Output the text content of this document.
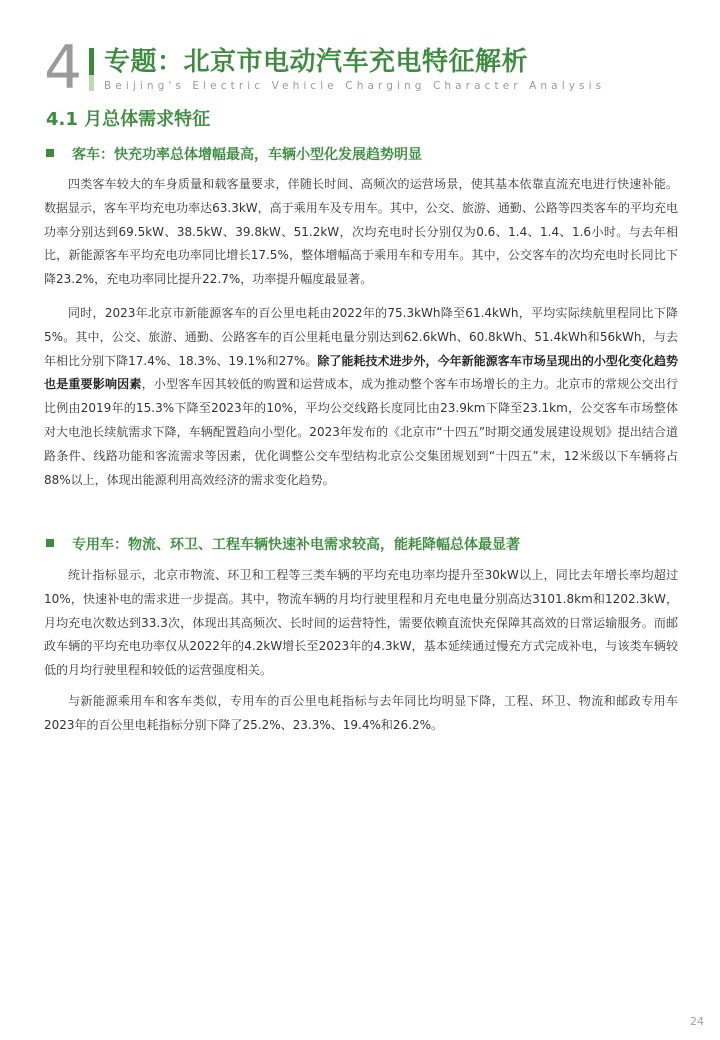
4 专题：北京市电动汽车充电特征解析
Beijing's Electric Vehicle Charging Character Analysis
4.1 月总体需求特征
客车：快充功率总体增幅最高，车辆小型化发展趋势明显

四类客车较大的车身质量和载客量要求，伴随长时间、高频次的运营场景，使其基本依靠直流充电进行快速补能。数据显示，客车平均充电功率达63.3kW，高于乘用车及专用车。其中，公交、旅游、通勤、公路等四类客车的平均充电功率分别达到69.5kW、38.5kW、39.8kW、51.2kW，次均充电时长分别仅为0.6、1.4、1.4、1.6小时。与去年相比，新能源客车平均充电功率同比增长17.5%，整体增幅高于乘用车和专用车。其中，公交客车的次均充电时长同比下降23.2%，充电功率同比提升22.7%，功率提升幅度最显著。

同时，2023年北京市新能源客车的百公里电耗由2022年的75.3kWh降至61.4kWh，平均实际续航里程同比下降5%。其中，公交、旅游、通勤、公路客车的百公里耗电量分别达到62.6kWh、60.8kWh、51.4kWh和56kWh，与去年相比分别下降17.4%、18.3%、19.1%和27%。除了能耗技术进步外，今年新能源客车市场呈现出的小型化变化趋势也是重要影响因素，小型客车因其较低的购置和运营成本，成为推动整个客车市场增长的主力。北京市的常规公交出行比例由2019年的15.3%下降至2023年的10%，平均公交线路长度同比由23.9km下降至23.1km，公交客车市场整体对大电池长续航需求下降，车辆配置趋向小型化。2023年发布的《北京市“十四五”时期交通发展建设规划》提出结合道路条件、线路功能和客流需求等因素，优化调整公交车型结构北京公交集团规划到“十四五”末，12米级以下车辆将占88%以上，体现出能源利用高效经济的需求变化趋势。

专用车：物流、环卫、工程车辆快速补电需求较高，能耗降幅总体最显著

统计指标显示，北京市物流、环卫和工程等三类车辆的平均充电功率均提升至30kW以上，同比去年增长率均超过10%，快速补电的需求进一步提高。其中，物流车辆的月均行驶里程和月充电电量分别高达3101.8km和1202.3kW，月均充电次数达到33.3次，体现出其高频次、长时间的运营特性，需要依赖直流快充保障其高效的日常运输服务。而邮政车辆的平均充电功率仅从2022年的4.2kW增长至2023年的4.3kW，基本延续通过慢充方式完成补电，与该类车辆较低的月均行驶里程和较低的运营强度相关。

与新能源乘用车和客车类似，专用车的百公里电耗指标与去年同比均明显下降，工程、环卫、物流和邮政专用车2023年的百公里电耗指标分别下降了25.2%、23.3%、19.4%和26.2%。

24
